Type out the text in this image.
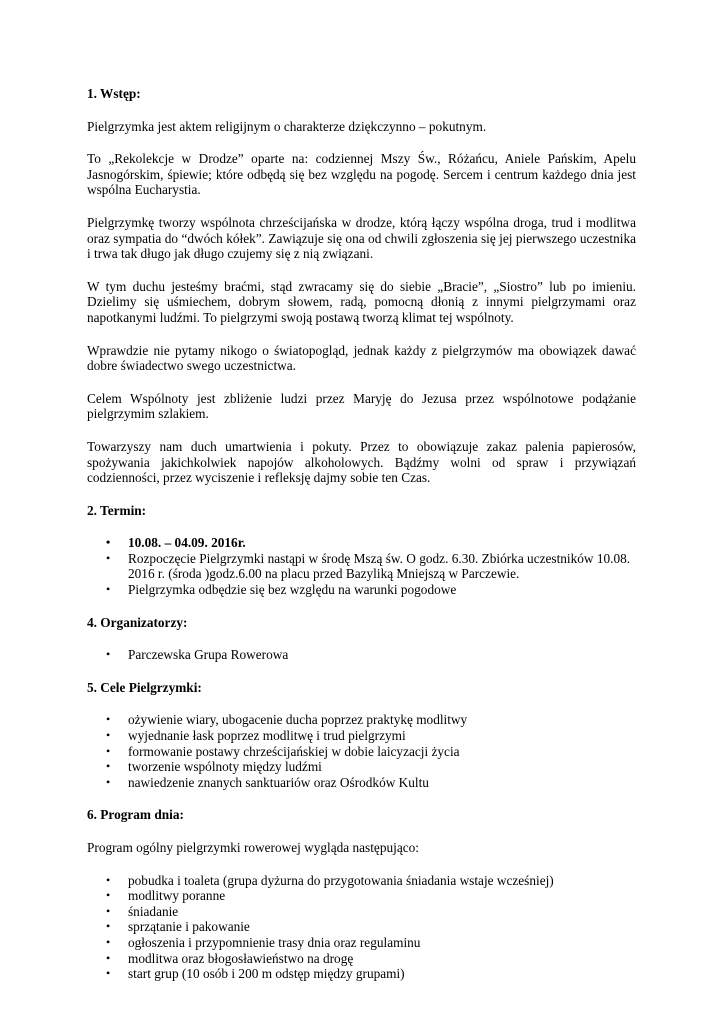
1. Wstęp:

Pielgrzymka jest aktem religijnym o charakterze dziękczynno – pokutnym.

To „Rekolekcje w Drodze” oparte na: codziennej Mszy Św., Różańcu, Aniele Pańskim, Apelu Jasnogórskim, śpiewie; które odbędą się bez względu na pogodę. Sercem i centrum każdego dnia jest wspólna Eucharystia.

Pielgrzymkę tworzy wspólnota chrześcijańska w drodze, którą łączy wspólna droga, trud i modlitwa oraz sympatia do “dwóch kółek”. Zawiązuje się ona od chwili zgłoszenia się jej pierwszego uczestnika i trwa tak długo jak długo czujemy się z nią związani.

W tym duchu jesteśmy braćmi, stąd zwracamy się do siebie „Bracie”, „Siostro” lub po imieniu. Dzielimy się uśmiechem, dobrym słowem, radą, pomocną dłonią z innymi pielgrzymami oraz napotkanymi ludźmi. To pielgrzymi swoją postawą tworzą klimat tej wspólnoty.

Wprawdzie nie pytamy nikogo o światopogląd, jednak każdy z pielgrzymów ma obowiązek dawać dobre świadectwo swego uczestnictwa.

Celem Wspólnoty jest zbliżenie ludzi przez Maryję do Jezusa przez wspólnotowe podążanie pielgrzymim szlakiem.

Towarzyszy nam duch umartwienia i pokuty. Przez to obowiązuje zakaz palenia papierosów, spożywania jakichkolwiek napojów alkoholowych. Bądźmy wolni od spraw i przywiązań codzienności, przez wyciszenie i refleksję dajmy sobie ten Czas.

2. Termin:
• 10.08. – 04.09. 2016r.
• Rozpoczęcie Pielgrzymki nastąpi w środę Mszą św. O godz. 6.30. Zbiórka uczestników 10.08. 2016 r. (środa )godz.6.00 na placu przed Bazyliką Mniejszą w Parczewie.
• Pielgrzymka odbędzie się bez względu na warunki pogodowe
4. Organizatorzy:
• Parczewska Grupa Rowerowa
5. Cele Pielgrzymki:
• ożywienie wiary, ubogacenie ducha poprzez praktykę modlitwy
• wyjednanie łask poprzez modlitwę i trud pielgrzymi
• formowanie postawy chrześcijańskiej w dobie laicyzacji życia
• tworzenie wspólnoty między ludźmi
• nawiedzenie znanych sanktuariów oraz Ośrodków Kultu
6. Program dnia:

Program ogólny pielgrzymki rowerowej wygląda następująco:

• pobudka i toaleta (grupa dyżurna do przygotowania śniadania wstaje wcześniej)
• modlitwy poranne
• śniadanie
• sprzątanie i pakowanie
• ogłoszenia i przypomnienie trasy dnia oraz regulaminu
• modlitwa oraz błogosławieństwo na drogę
• start grup (10 osób i 200 m odstęp między grupami)
